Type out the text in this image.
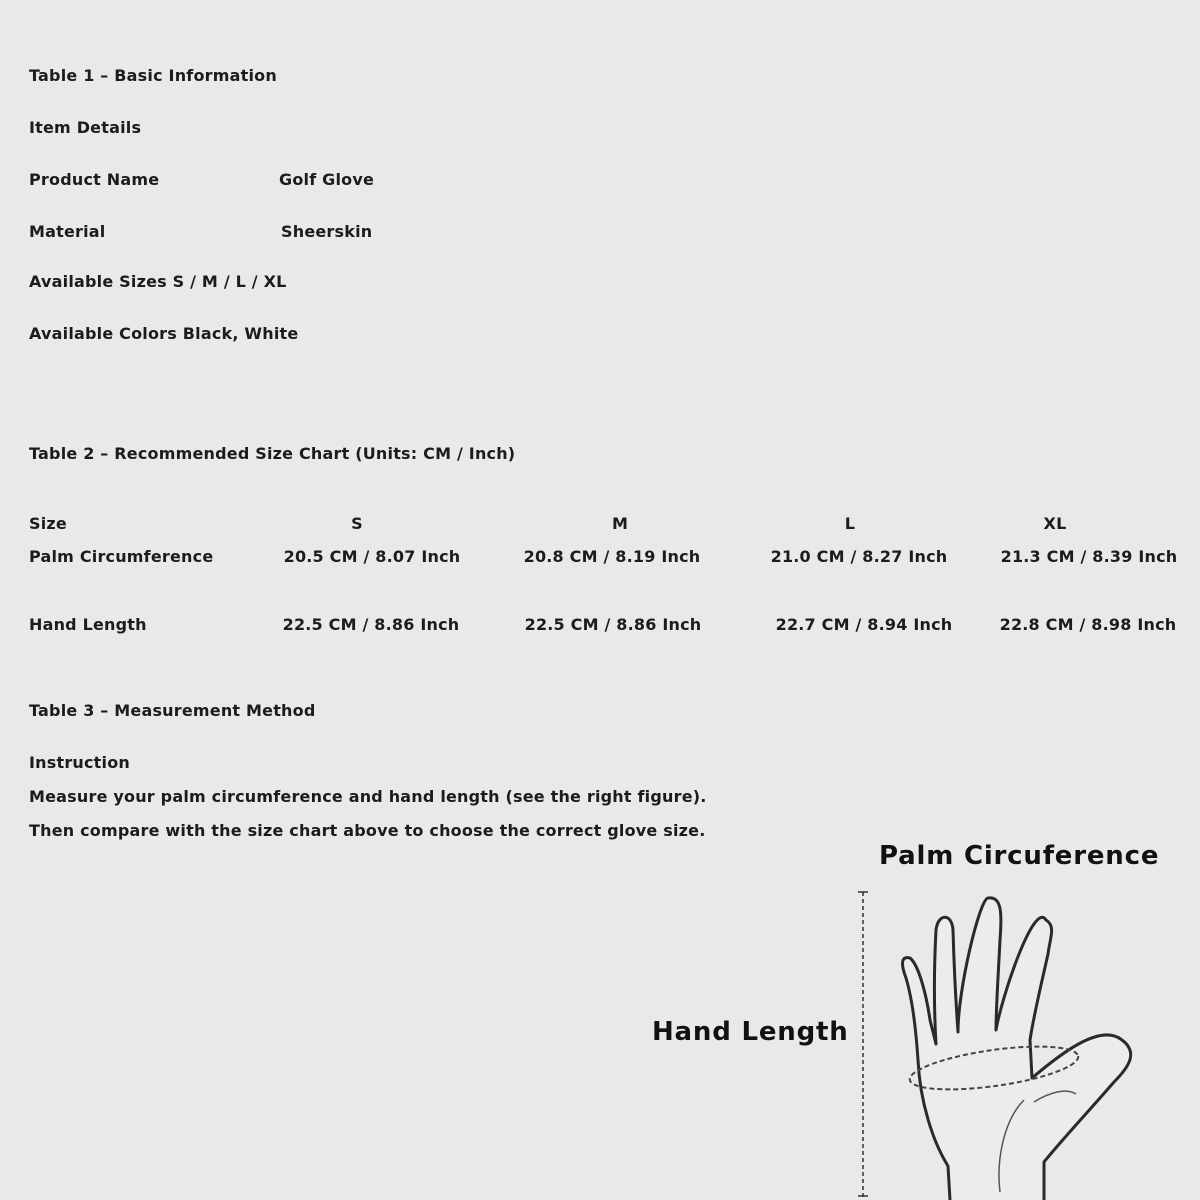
Table 1 – Basic Information
Item Details
Product Name	Golf Glove
Material	Sheerskin
Available Sizes S / M / L / XL
Available Colors Black, White
Table 2 – Recommended Size Chart (Units: CM / Inch)
Size	S	M	L	XL
Palm Circumference	20.5 CM / 8.07 Inch	20.8 CM / 8.19 Inch	21.0 CM / 8.27 Inch	21.3 CM / 8.39 Inch
Hand Length	22.5 CM / 8.86 Inch	22.5 CM / 8.86 Inch	22.7 CM / 8.94 Inch	22.8 CM / 8.98 Inch
Table 3 – Measurement Method
Instruction
Measure your palm circumference and hand length (see the right figure).
Then compare with the size chart above to choose the correct glove size.
Palm Circuference
Hand Length
